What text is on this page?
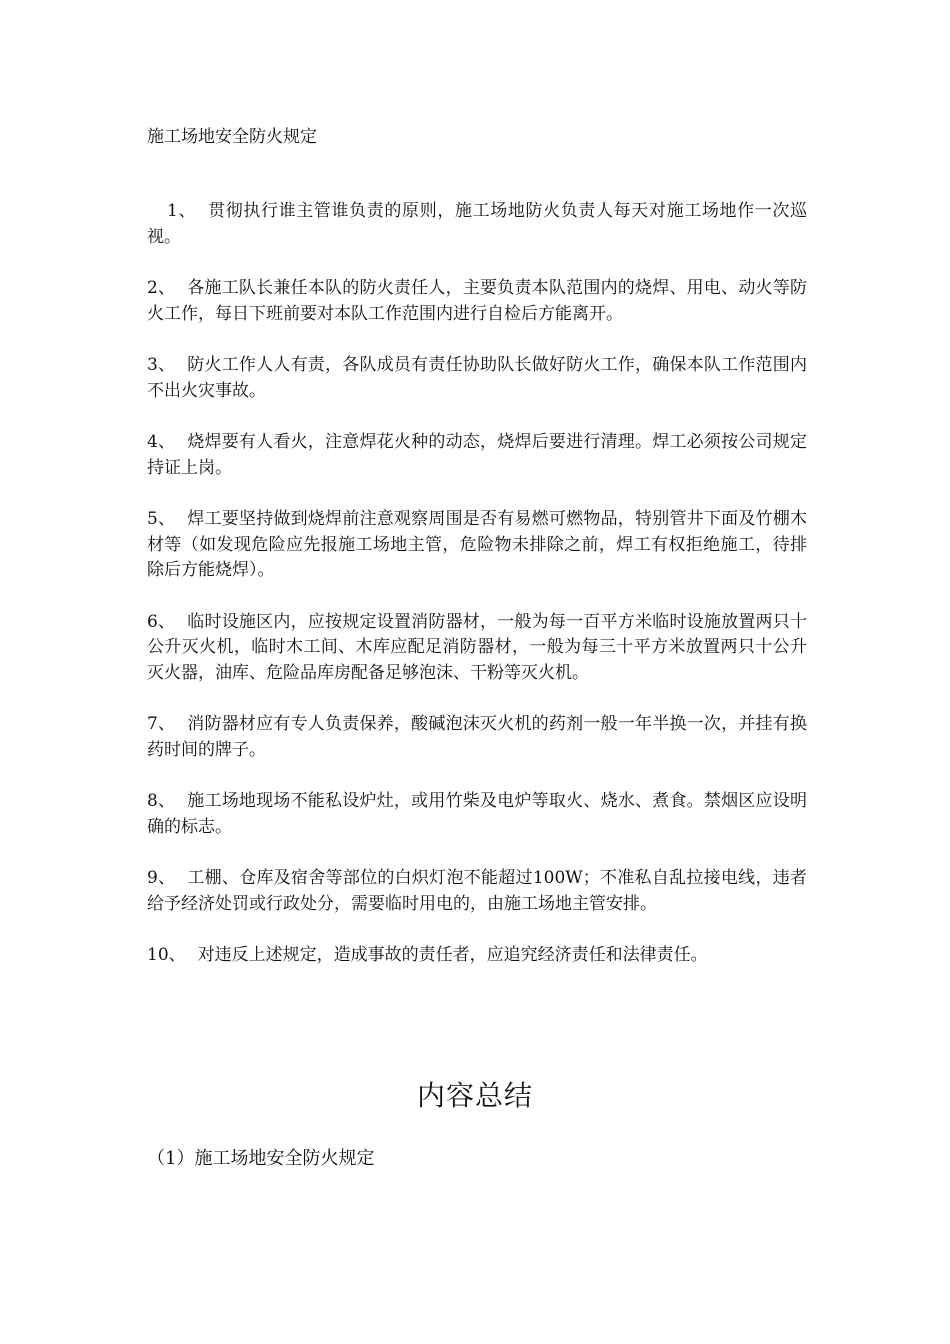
施工场地安全防火规定
1、 贯彻执行谁主管谁负责的原则，施工场地防火负责人每天对施工场地作一次巡视。
2、 各施工队长兼任本队的防火责任人，主要负责本队范围内的烧焊、用电、动火等防火工作，每日下班前要对本队工作范围内进行自检后方能离开。
3、 防火工作人人有责，各队成员有责任协助队长做好防火工作，确保本队工作范围内不出火灾事故。
4、 烧焊要有人看火，注意焊花火种的动态，烧焊后要进行清理。焊工必须按公司规定持证上岗。
5、 焊工要坚持做到烧焊前注意观察周围是否有易燃可燃物品，特别管井下面及竹棚木材等（如发现危险应先报施工场地主管，危险物未排除之前，焊工有权拒绝施工，待排除后方能烧焊）。
6、 临时设施区内，应按规定设置消防器材，一般为每一百平方米临时设施放置两只十公升灭火机，临时木工间、木库应配足消防器材，一般为每三十平方米放置两只十公升灭火器，油库、危险品库房配备足够泡沫、干粉等灭火机。
7、 消防器材应有专人负责保养，酸碱泡沫灭火机的药剂一般一年半换一次，并挂有换药时间的牌子。
8、 施工场地现场不能私设炉灶，或用竹柴及电炉等取火、烧水、煮食。禁烟区应设明确的标志。
9、 工棚、仓库及宿舍等部位的白炽灯泡不能超过100W；不准私自乱拉接电线，违者给予经济处罚或行政处分，需要临时用电的，由施工场地主管安排。
10、 对违反上述规定，造成事故的责任者，应追究经济责任和法律责任。
内容总结
（1）施工场地安全防火规定
